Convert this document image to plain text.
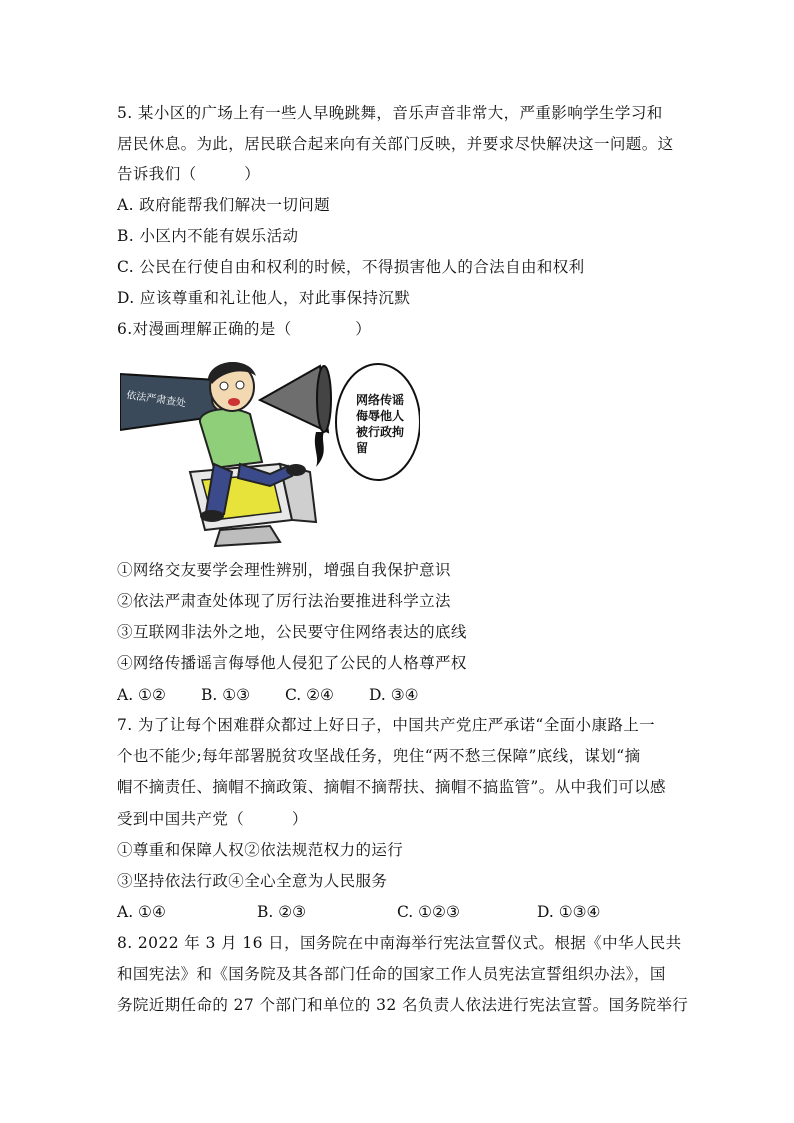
5. 某小区的广场上有一些人早晚跳舞，音乐声音非常大，严重影响学生学习和
居民休息。为此，居民联合起来向有关部门反映，并要求尽快解决这一问题。这
告诉我们（　　　）
A. 政府能帮我们解决一切问题
B. 小区内不能有娱乐活动
C. 公民在行使自由和权利的时候，不得损害他人的合法自由和权利
D. 应该尊重和礼让他人，对此事保持沉默
6.对漫画理解正确的是（　　　　）
依法严肃查处	网络传谣
侮辱他人
被行政拘
留
①网络交友要学会理性辨别，增强自我保护意识
②依法严肃查处体现了厉行法治要推进科学立法
③互联网非法外之地，公民要守住网络表达的底线
④网络传播谣言侮辱他人侵犯了公民的人格尊严权
A. ①② B. ①③ C. ②④ D. ③④
7. 为了让每个困难群众都过上好日子，中国共产党庄严承诺“全面小康路上一
个也不能少;每年部署脱贫攻坚战任务，兜住“两不愁三保障”底线，谋划“摘
帽不摘责任、摘帽不摘政策、摘帽不摘帮扶、摘帽不搞监管”。从中我们可以感
受到中国共产党（　　　）
①尊重和保障人权②依法规范权力的运行
③坚持依法行政④全心全意为人民服务
A. ①④	B. ②③	C. ①②③	D. ①③④
8. 2022 年 3 月 16 日，国务院在中南海举行宪法宣誓仪式。根据《中华人民共
和国宪法》和《国务院及其各部门任命的国家工作人员宪法宣誓组织办法》，国
务院近期任命的 27 个部门和单位的 32 名负责人依法进行宪法宣誓。国务院举行
